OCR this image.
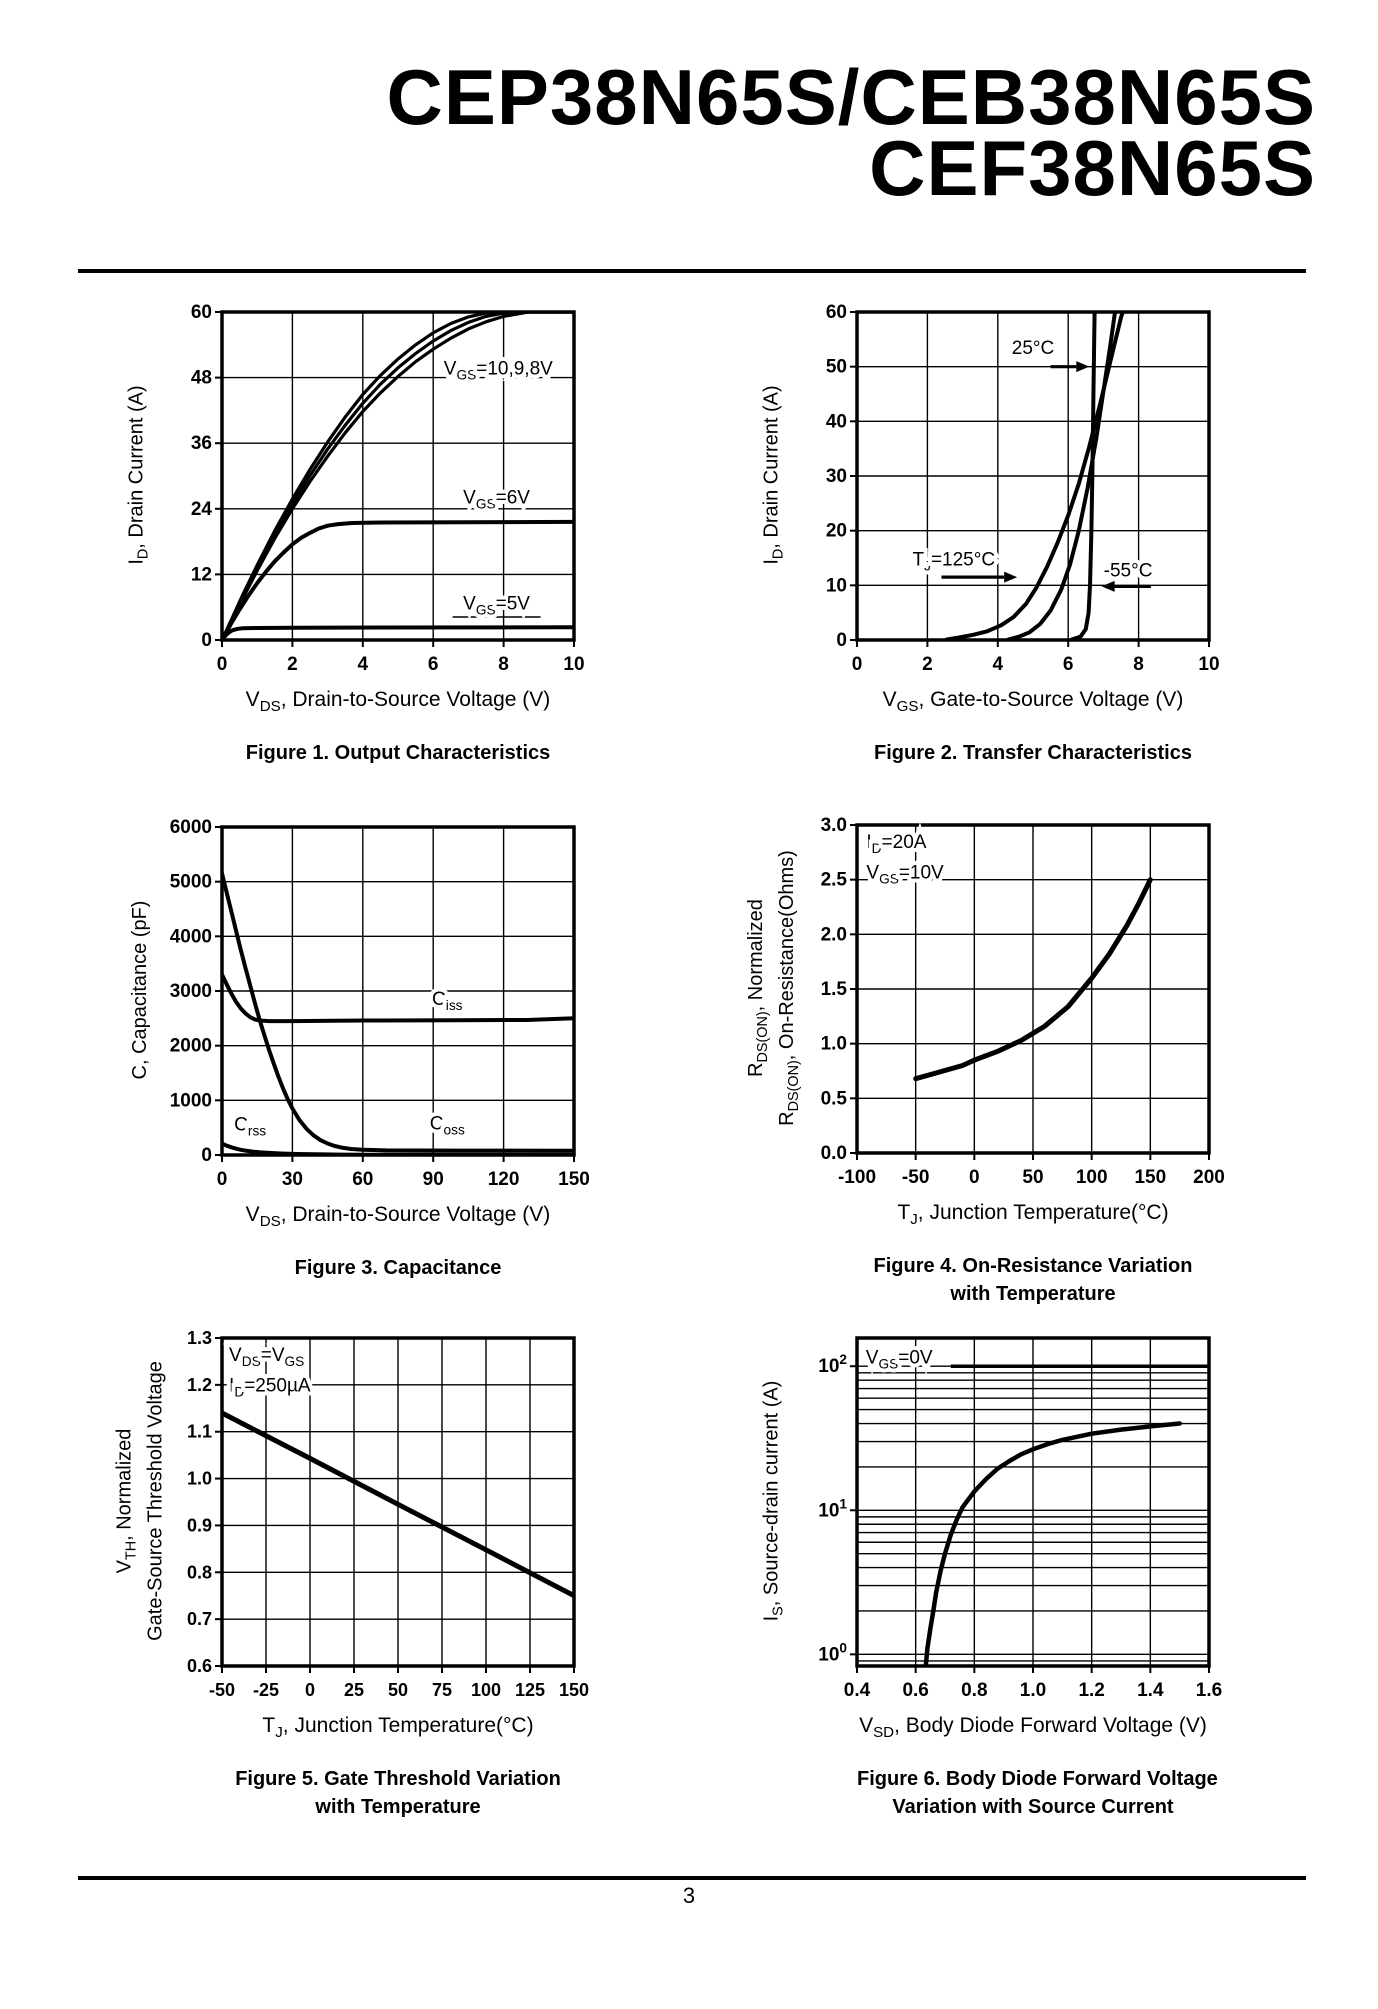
CEP38N65S/CEB38N65S
CEF38N65S
$I_D$, Drain Current (A)
0
12
24
36
48
60
0	2	4	6	8	10
$V_{GS}=10,9,8V$
$V_{GS}=6V$
$V_{GS}=5V$
$V_{DS}$, Drain-to-Source Voltage (V)
Figure 1. Output Characteristics
$I_D$, Drain Current (A)
0
10
20
30
40
50
60
0	2	4	6	8	10
25°C
$T_J=125^\circ C$
-55°C
$V_{GS}$, Gate-to-Source Voltage (V)
Figure 2. Transfer Characteristics
C, Capacitance (pF)
0
1000
2000
3000
4000
5000
6000
0	30	60	90 120 150
$C_{iss}$
$C_{oss}$
$C_{rss}$
$V_{DS}$, Drain-to-Source Voltage (V)
Figure 3. Capacitance
$R_{DS(ON)}$, Normalized
$R_{DS(ON)}$, On-Resistance(Ohms)
0.0
0.5
1.0
1.5
2.0
2.5
3.0
-100 -50 0 50 100 150 200
$I_D=20A$
$V_{GS}=10V$
$T_J$, Junction Temperature(°C)
Figure 4. On-Resistance Variation
with Temperature
$V_{TH}$, Normalized Gate-Source Threshold Voltage
0.6
0.7
0.8
0.9
1.0
1.1
1.2
1.3
-50 -25 0 25 50 75 100 125 150
$V_{DS}=V_{GS}$
$I_D=250\mu A$
$T_J$, Junction Temperature(°C)
Figure 5. Gate Threshold Variation
with Temperature
$I_S$, Source-drain current (A)
$10^0$
$10^1$
$10^2$
0.4 0.6 0.8 1.0 1.2 1.4 1.6
$V_{GS}=0V$
$V_{SD}$, Body Diode Forward Voltage (V)
Figure 6. Body Diode Forward Voltage
Variation with Source Current
3
